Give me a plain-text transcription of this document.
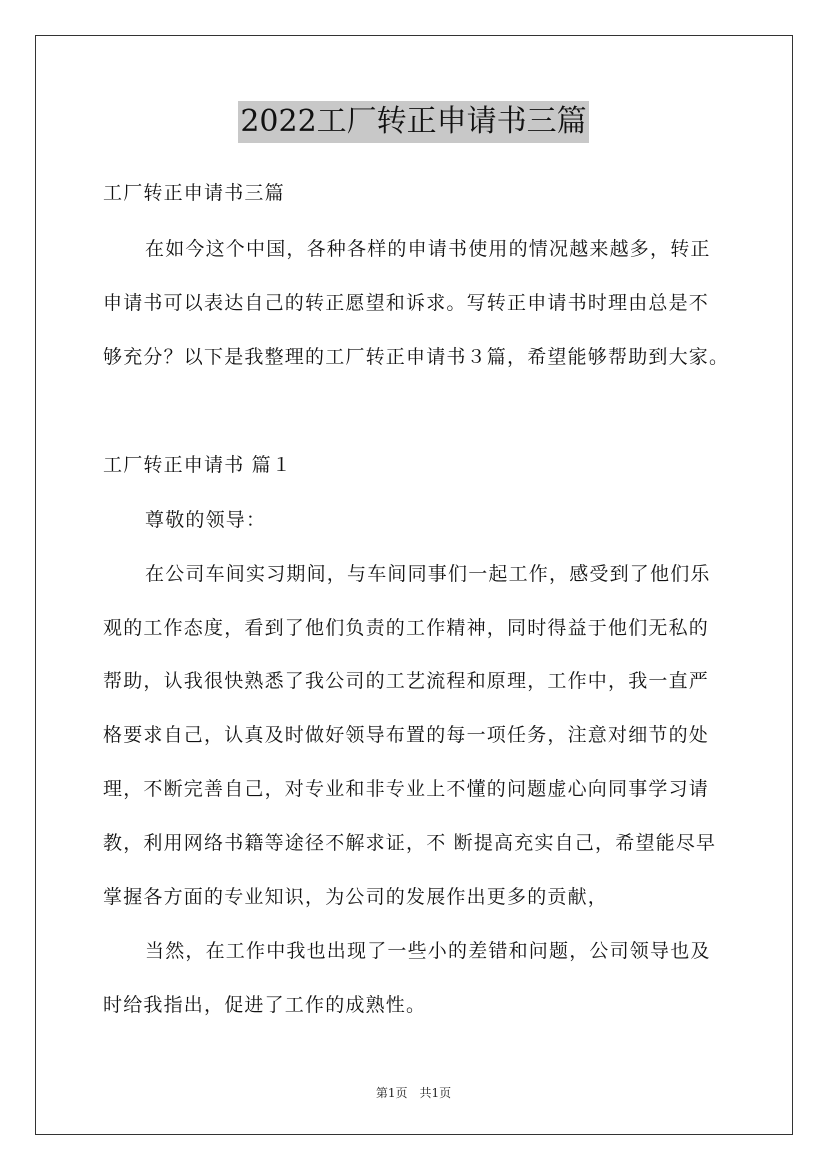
2022工厂转正申请书三篇
工厂转正申请书三篇
在如今这个中国，各种各样的申请书使用的情况越来越多，转正
申请书可以表达自己的转正愿望和诉求。写转正申请书时理由总是不
够充分？以下是我整理的工厂转正申请书３篇，希望能够帮助到大家。
工厂转正申请书 篇１
尊敬的领导：
在公司车间实习期间，与车间同事们一起工作，感受到了他们乐
观的工作态度，看到了他们负责的工作精神，同时得益于他们无私的
帮助，认我很快熟悉了我公司的工艺流程和原理，工作中，我一直严
格要求自己，认真及时做好领导布置的每一项任务，注意对细节的处
理，不断完善自己，对专业和非专业上不懂的问题虚心向同事学习请
教，利用网络书籍等途径不解求证，不 断提高充实自己，希望能尽早
掌握各方面的专业知识，为公司的发展作出更多的贡献，
当然，在工作中我也出现了一些小的差错和问题，公司领导也及
时给我指出，促进了工作的成熟性。
第1页　共1页
